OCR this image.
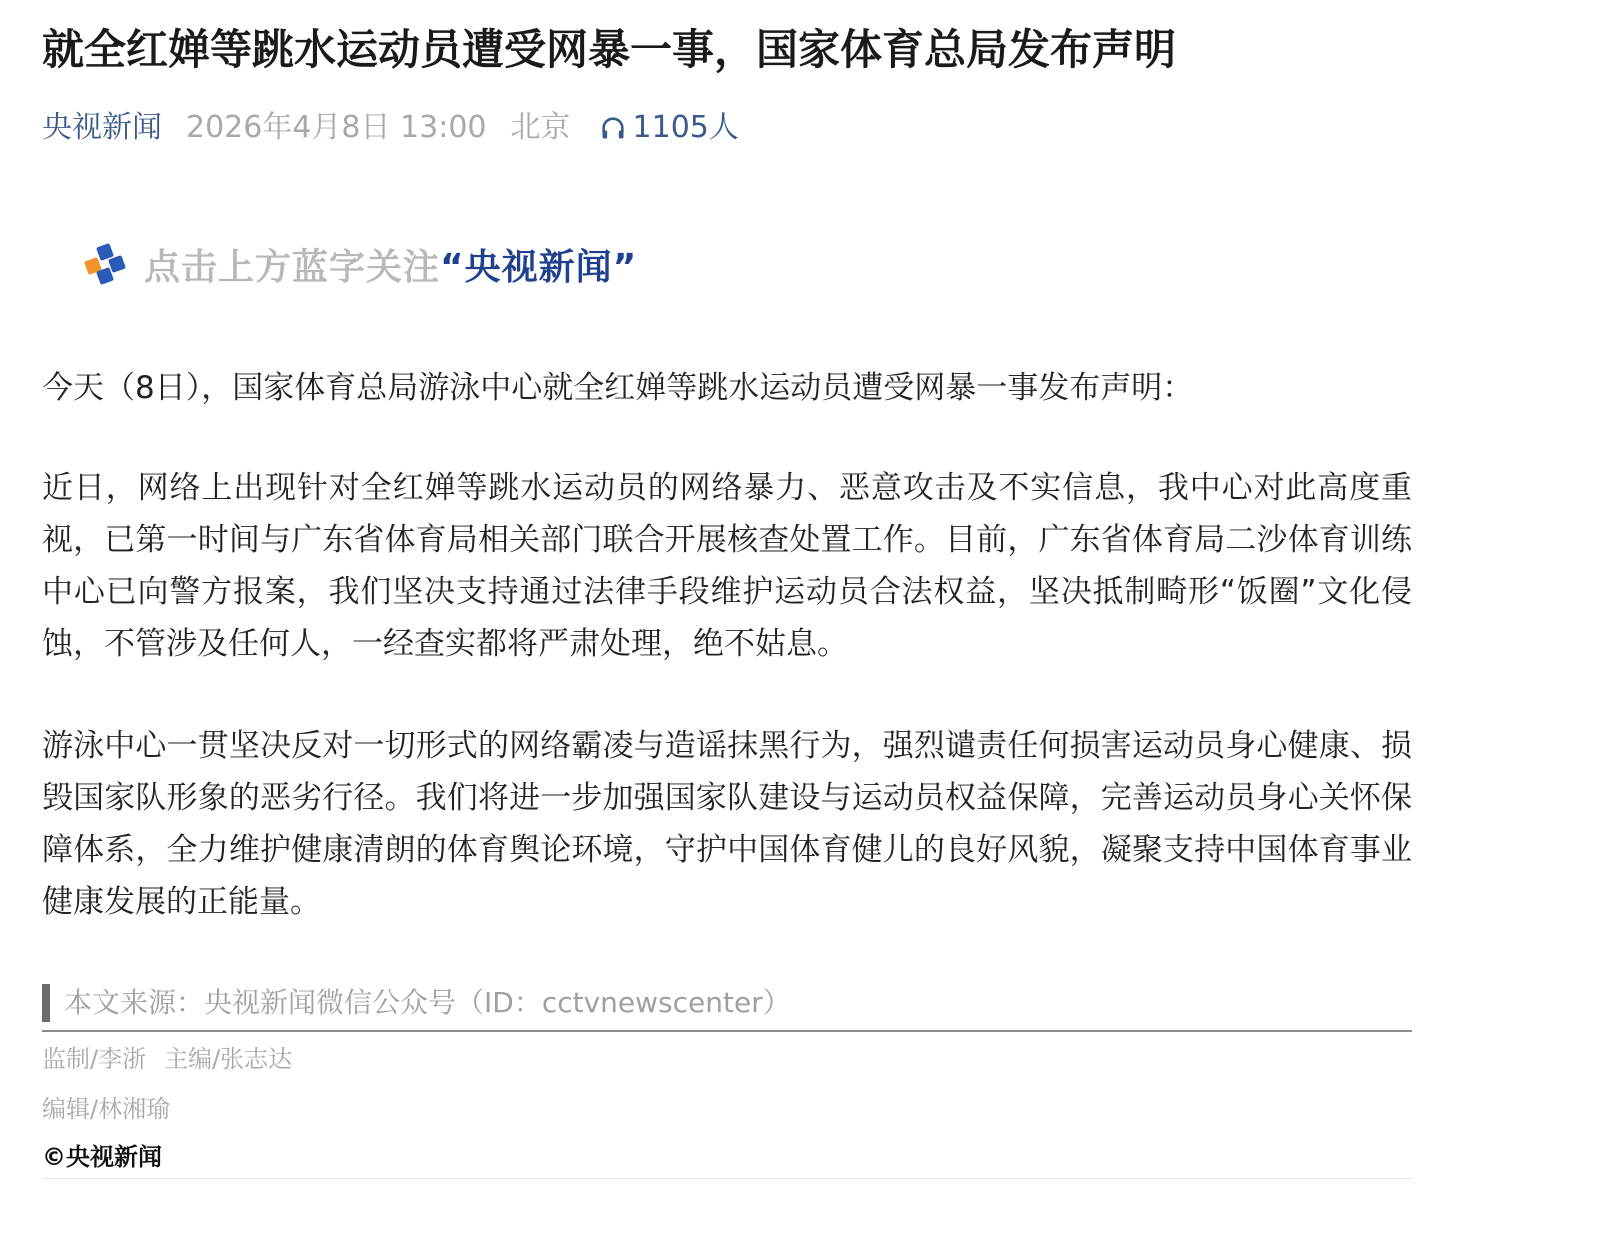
就全红婵等跳水运动员遭受网暴一事，国家体育总局发布声明
央视新闻 2026年4月8日 13:00 北京 1105人
点击上方蓝字关注 “央视新闻”

今天（8日），国家体育总局游泳中心就全红婵等跳水运动员遭受网暴一事发布声明：

近日，网络上出现针对全红婵等跳水运动员的网络暴力、恶意攻击及不实信息，我中心对此高度重视，已第一时间与广东省体育局相关部门联合开展核查处置工作。目前，广东省体育局二沙体育训练中心已向警方报案，我们坚决支持通过法律手段维护运动员合法权益，坚决抵制畸形“饭圈”文化侵蚀，不管涉及任何人，一经查实都将严肃处理，绝不姑息。

游泳中心一贯坚决反对一切形式的网络霸凌与造谣抹黑行为，强烈谴责任何损害运动员身心健康、损毁国家队形象的恶劣行径。我们将进一步加强国家队建设与运动员权益保障，完善运动员身心关怀保障体系，全力维护健康清朗的体育舆论环境，守护中国体育健儿的良好风貌，凝聚支持中国体育事业健康发展的正能量。

本文来源：央视新闻微信公众号（ID：cctvnewscenter）
监制/李浙 主编/张志达
编辑/林湘瑜
©央视新闻
